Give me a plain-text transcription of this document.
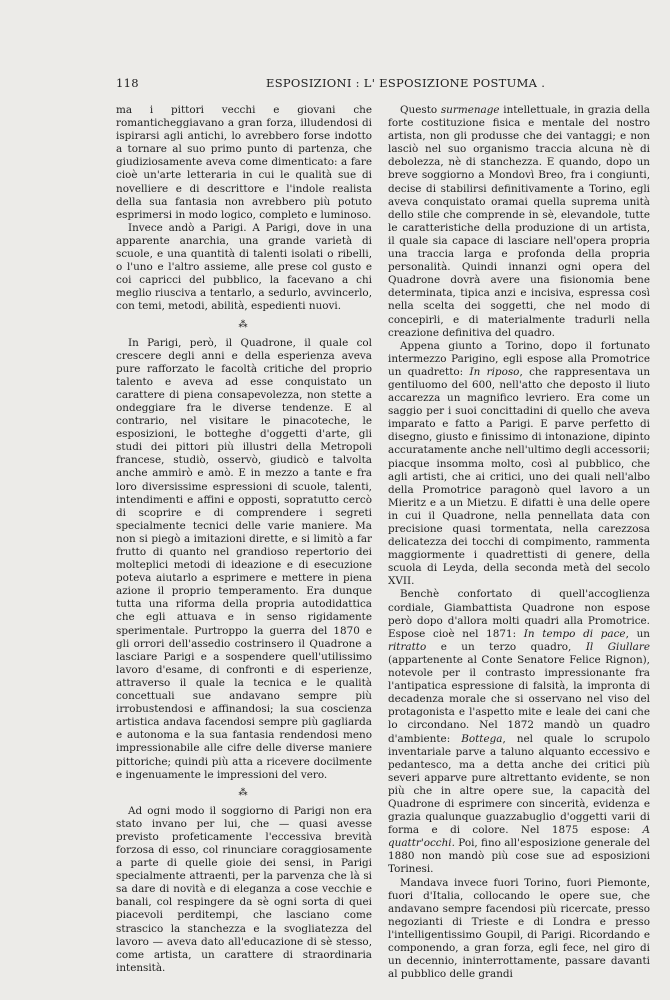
118	ESPOSIZIONI : L' ESPOSIZIONE POSTUMA .

ma i pittori vecchi e giovani che romanticheggiavano a gran forza, illudendosi di ispirarsi agli antichi, lo avrebbero forse indotto a tornare al suo primo punto di partenza, che giudiziosamente aveva come dimenticato: a fare cioè un'arte letteraria in cui le qualità sue di novelliere e di descrittore e l'indole realista della sua fantasia non avrebbero più potuto esprimersi in modo logico, completo e luminoso.

Invece andò a Parigi. A Parigi, dove in una apparente anarchia, una grande varietà di scuole, e una quantità di talenti isolati o ribelli, o l'uno e l'altro assieme, alle prese col gusto e coi capricci del pubblico, la facevano a chi meglio riusciva a tentarlo, a sedurlo, avvincerlo, con temi, metodi, abilità, espedienti nuovi.

⁂

In Parigi, però, il Quadrone, il quale col crescere degli anni e della esperienza aveva pure rafforzato le facoltà critiche del proprio talento e aveva ad esse conquistato un carattere di piena consapevolezza, non stette a ondeggiare fra le diverse tendenze. E al contrario, nel visitare le pinacoteche, le esposizioni, le botteghe d'oggetti d'arte, gli studi dei pittori più illustri della Metropoli francese, studiò, osservò, giudicò e talvolta anche ammirò e amò. E in mezzo a tante e fra loro diversissime espressioni di scuole, talenti, intendimenti e affini e opposti, sopratutto cercò di scoprire e di comprendere i segreti specialmente tecnici delle varie maniere. Ma non si piegò a imitazioni dirette, e si limitò a far frutto di quanto nel grandioso repertorio dei molteplici metodi di ideazione e di esecuzione poteva aiutarlo a esprimere e mettere in piena azione il proprio temperamento. Era dunque tutta una riforma della propria autodidattica che egli attuava e in senso rigidamente sperimentale. Purtroppo la guerra del 1870 e gli orrori dell'assedio costrinsero il Quadrone a lasciare Parigi e a sospendere quell'utilissimo lavoro d'esame, di confronti e di esperienze, attraverso il quale la tecnica e le qualità concettuali sue andavano sempre più irrobustendosi e affinandosi; la sua coscienza artistica andava facendosi sempre più gagliarda e autonoma e la sua fantasia rendendosi meno impressionabile alle cifre delle diverse maniere pittoriche; quindi più atta a ricevere docilmente e ingenuamente le impressioni del vero.

⁂

Ad ogni modo il soggiorno di Parigi non era stato invano per lui, che — quasi avesse previsto profeticamente l'eccessiva brevità forzosa di esso, col rinunciare coraggiosamente a parte di quelle gioie dei sensi, in Parigi specialmente attraenti, per la parvenza che là si sa dare di novità e di eleganza a cose vecchie e banali, col respingere da sè ogni sorta di quei piacevoli perditempi, che lasciano come strascico la stanchezza e la svogliatezza del lavoro — aveva dato all'educazione di sè stesso, come artista, un carattere di straordinaria intensità.

Questo surmenage intellettuale, in grazia della forte costituzione fisica e mentale del nostro artista, non gli produsse che dei vantaggi; e non lasciò nel suo organismo traccia alcuna nè di debolezza, nè di stanchezza. E quando, dopo un breve soggiorno a Mondovì Breo, fra i congiunti, decise di stabilirsi definitivamente a Torino, egli aveva conquistato oramai quella suprema unità dello stile che comprende in sè, elevandole, tutte le caratteristiche della produzione di un artista, il quale sia capace di lasciare nell'opera propria una traccia larga e profonda della propria personalità. Quindi innanzi ogni opera del Quadrone dovrà avere una fisionomia bene determinata, tipica anzi e incisiva, espressa così nella scelta dei soggetti, che nel modo di concepirli, e di materialmente tradurli nella creazione definitiva del quadro.

Appena giunto a Torino, dopo il fortunato intermezzo Parigino, egli espose alla Promotrice un quadretto: In riposo, che rappresentava un gentiluomo del 600, nell'atto che deposto il liuto accarezza un magnifico levriero. Era come un saggio per i suoi concittadini di quello che aveva imparato e fatto a Parigi. E parve perfetto di disegno, giusto e finissimo di intonazione, dipinto accuratamente anche nell'ultimo degli accessorii; piacque insomma molto, così al pubblico, che agli artisti, che ai critici, uno dei quali nell'albo della Promotrice paragonò quel lavoro a un Mieritz e a un Mietzu. E difatti è una delle opere in cui il Quadrone, nella pennellata data con precisione quasi tormentata, nella carezzosa delicatezza dei tocchi di compimento, rammenta maggiormente i quadrettisti di genere, della scuola di Leyda, della seconda metà del secolo XVII.

Benchè confortato di quell'accoglienza cordiale, Giambattista Quadrone non espose però dopo d'allora molti quadri alla Promotrice. Espose cioè nel 1871: In tempo di pace, un ritratto e un terzo quadro, Il Giullare (appartenente al Conte Senatore Felice Rignon), notevole per il contrasto impressionante fra l'antipatica espressione di falsità, la impronta di decadenza morale che si osservano nel viso del protagonista e l'aspetto mite e leale dei cani che lo circondano. Nel 1872 mandò un quadro d'ambiente: Bottega, nel quale lo scrupolo inventariale parve a taluno alquanto eccessivo e pedantesco, ma a detta anche dei critici più severi apparve pure altrettanto evidente, se non più che in altre opere sue, la capacità del Quadrone di esprimere con sincerità, evidenza e grazia qualunque guazzabuglio d'oggetti varii di forma e di colore. Nel 1875 espose: A quattr'occhi. Poi, fino all'esposizione generale del 1880 non mandò più cose sue ad esposizioni Torinesi.

Mandava invece fuori Torino, fuori Piemonte, fuori d'Italia, collocando le opere sue, che andavano sempre facendosi più ricercate, presso negozianti di Trieste e di Londra e presso l'intelligentissimo Goupil, di Parigi. Ricordando e componendo, a gran forza, egli fece, nel giro di un decennio, ininterrottamente, passare davanti al pubblico delle grandi
